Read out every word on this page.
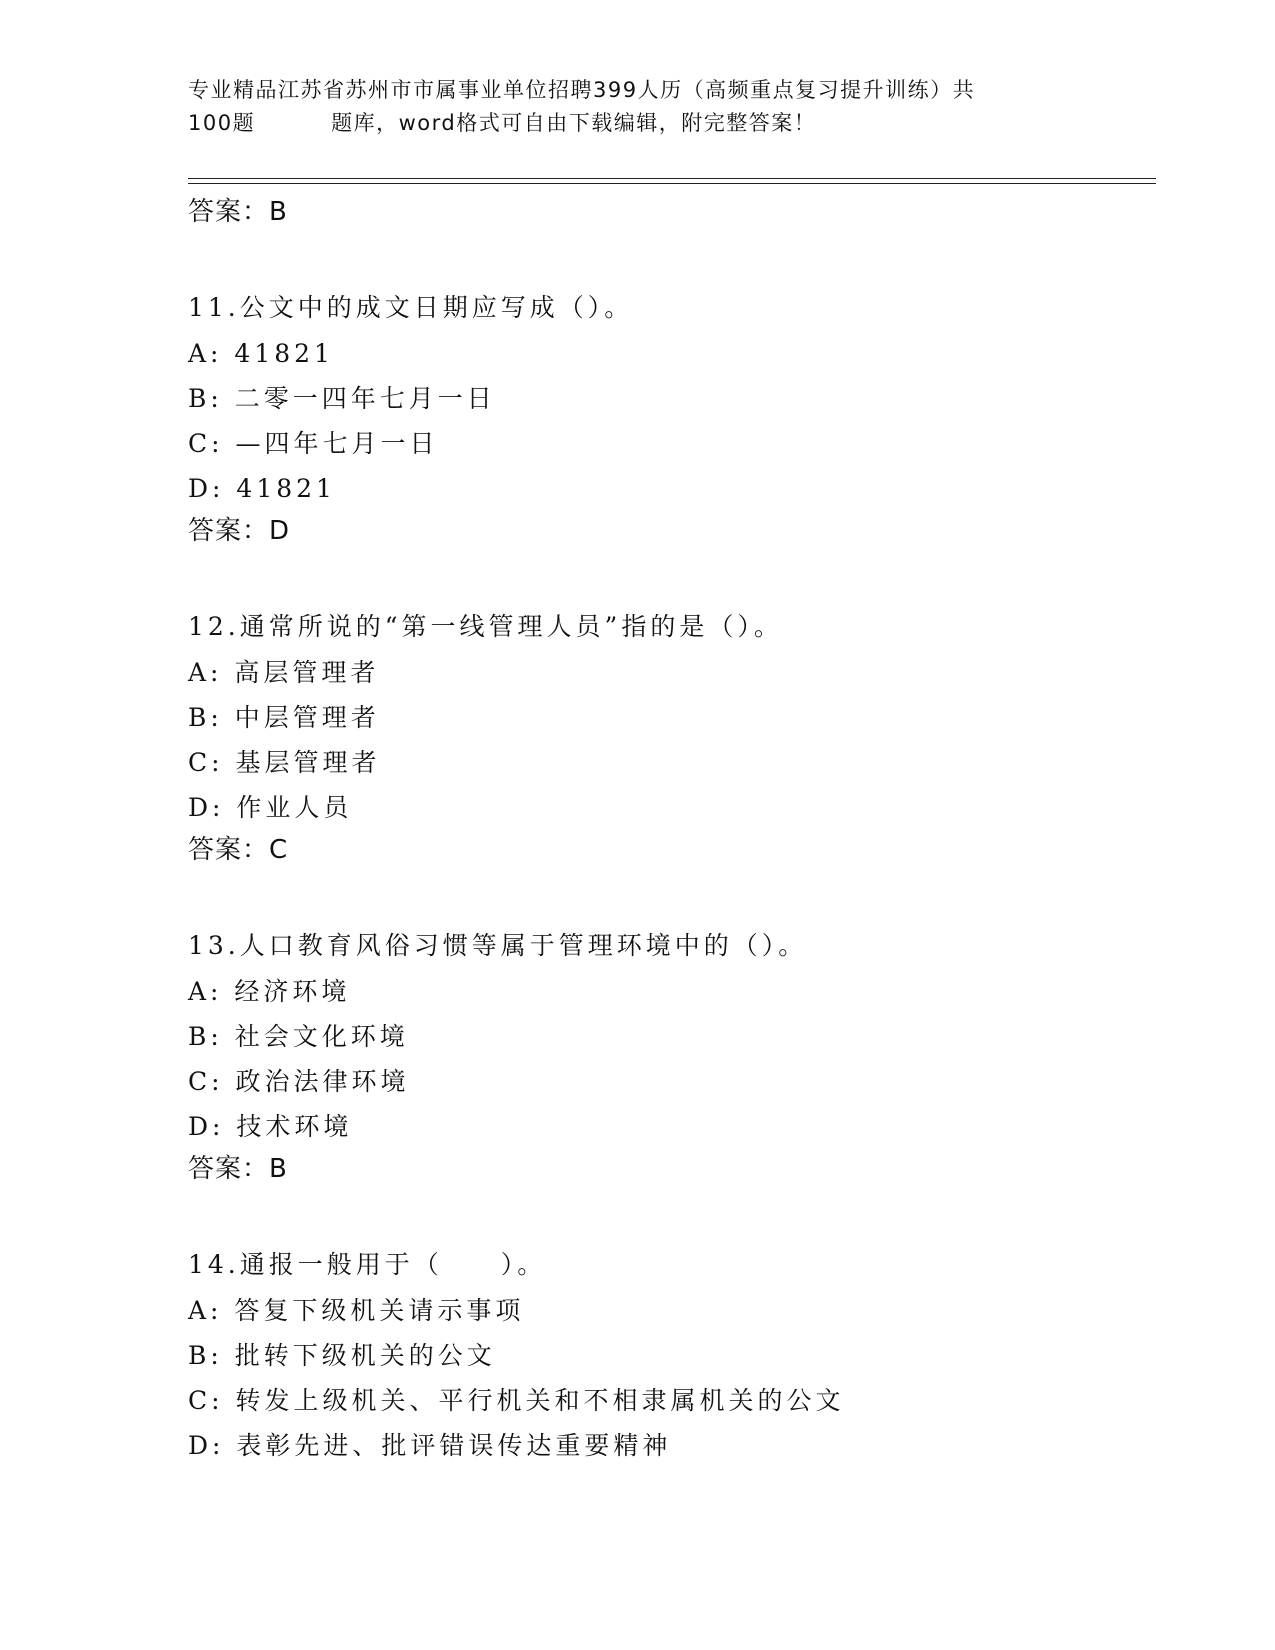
专业精品江苏省苏州市市属事业单位招聘399人历（高频重点复习提升训练）共
100题	题库，word格式可自由下载编辑，附完整答案！
答案：B
11.公文中的成文日期应写成（）。
A: 41821
B: 二零一四年七月一日
C: —四年七月一日
D: 41821
答案：D
12.通常所说的“第一线管理人员”指的是（）。
A: 高层管理者
B: 中层管理者
C: 基层管理者
D: 作业人员
答案：C
13.人口教育风俗习惯等属于管理环境中的（）。
A: 经济环境
B: 社会文化环境
C: 政治法律环境
D: 技术环境
答案：B
14.通报一般用于（　　）。
A: 答复下级机关请示事项
B: 批转下级机关的公文
C: 转发上级机关、平行机关和不相隶属机关的公文
D: 表彰先进、批评错误传达重要精神
